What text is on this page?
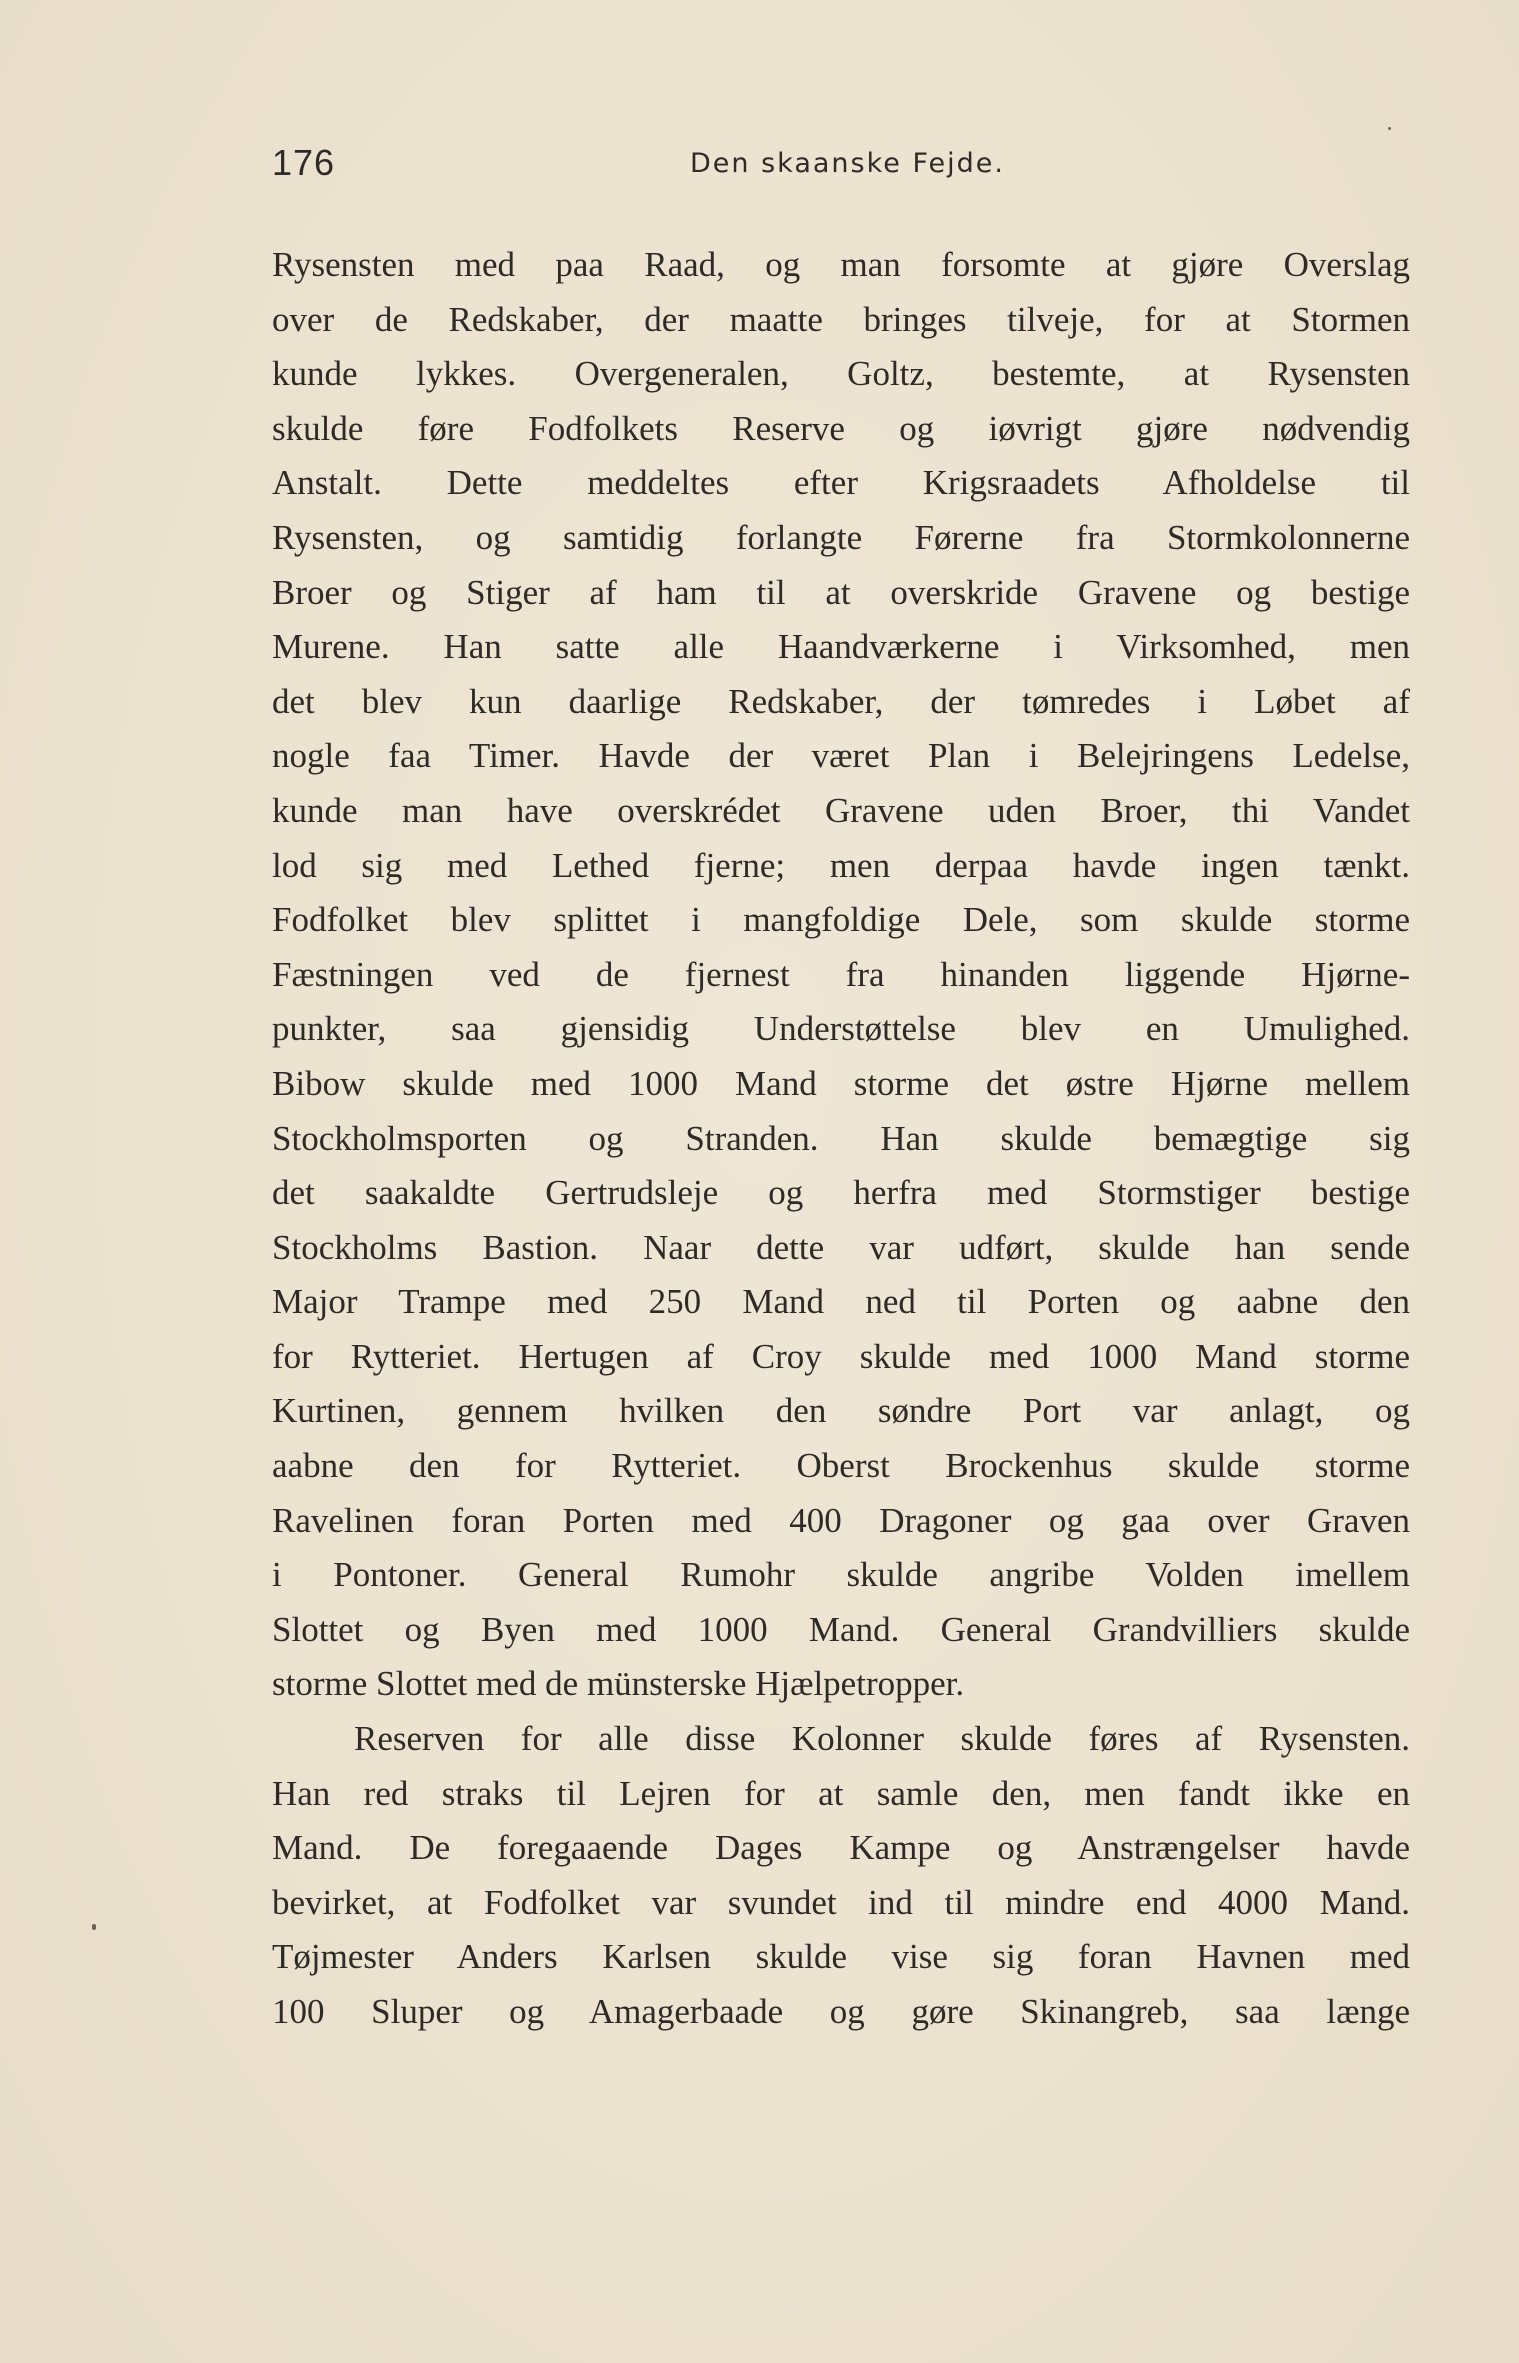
176	Den skaanske Fejde.
Rysensten med paa Raad, og man forsomte at gjøre Overslag
over de Redskaber, der maatte bringes tilveje, for at Stormen
kunde lykkes. Overgeneralen, Goltz, bestemte, at Rysensten
skulde føre Fodfolkets Reserve og iøvrigt gjøre nødvendig
Anstalt. Dette meddeltes efter Krigsraadets Afholdelse til
Rysensten, og samtidig forlangte Førerne fra Stormkolonnerne
Broer og Stiger af ham til at overskride Gravene og bestige
Murene. Han satte alle Haandværkerne i Virksomhed, men
det blev kun daarlige Redskaber, der tømredes i Løbet af
nogle faa Timer. Havde der været Plan i Belejringens Ledelse,
kunde man have overskrédet Gravene uden Broer, thi Vandet
lod sig med Lethed fjerne; men derpaa havde ingen tænkt.
Fodfolket blev splittet i mangfoldige Dele, som skulde storme
Fæstningen ved de fjernest fra hinanden liggende Hjørne-
punkter, saa gjensidig Understøttelse blev en Umulighed.
Bibow skulde med 1000 Mand storme det østre Hjørne mellem
Stockholmsporten og Stranden. Han skulde bemægtige sig
det saakaldte Gertrudsleje og herfra med Stormstiger bestige
Stockholms Bastion. Naar dette var udført, skulde han sende
Major Trampe med 250 Mand ned til Porten og aabne den
for Rytteriet. Hertugen af Croy skulde med 1000 Mand storme
Kurtinen, gennem hvilken den søndre Port var anlagt, og
aabne den for Rytteriet. Oberst Brockenhus skulde storme
Ravelinen foran Porten med 400 Dragoner og gaa over Graven
i Pontoner. General Rumohr skulde angribe Volden imellem
Slottet og Byen med 1000 Mand. General Grandvilliers skulde
storme Slottet med de münsterske Hjælpetropper.
Reserven for alle disse Kolonner skulde føres af Rysensten.
Han red straks til Lejren for at samle den, men fandt ikke en
Mand. De foregaaende Dages Kampe og Anstrængelser havde
bevirket, at Fodfolket var svundet ind til mindre end 4000 Mand.
Tøjmester Anders Karlsen skulde vise sig foran Havnen med
100 Sluper og Amagerbaade og gøre Skinangreb, saa længe
